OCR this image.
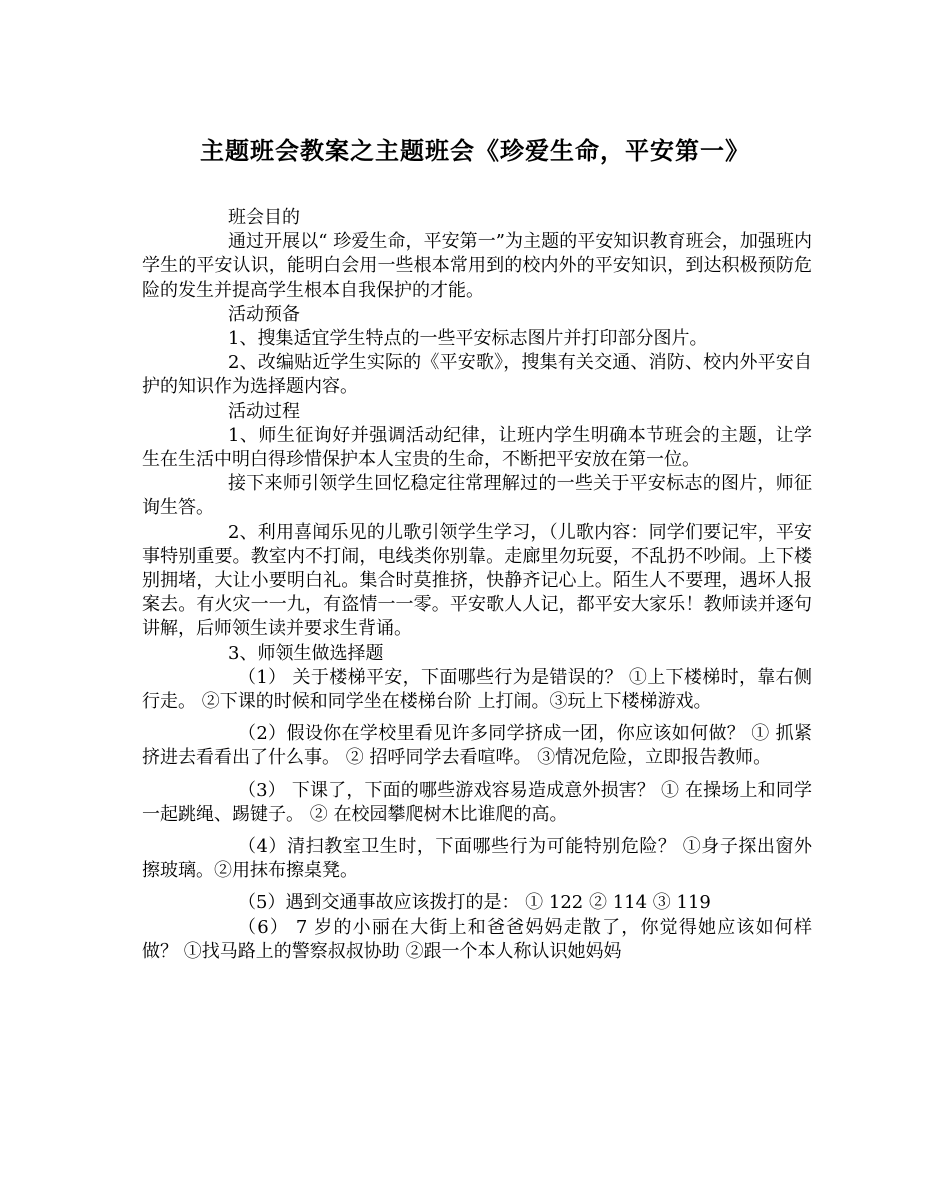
主题班会教案之主题班会《珍爱生命，平安第一》

班会目的

通过开展以“ 珍爱生命，平安第一”为主题的平安知识教育班会，加强班内学生的平安认识，能明白会用一些根本常用到的校内外的平安知识，到达积极预防危险的发生并提高学生根本自我保护的才能。

活动预备

1、搜集适宜学生特点的一些平安标志图片并打印部分图片。

2、改编贴近学生实际的《平安歌》，搜集有关交通、消防、校内外平安自护的知识作为选择题内容。

活动过程

1、师生征询好并强调活动纪律，让班内学生明确本节班会的主题，让学生在生活中明白得珍惜保护本人宝贵的生命，不断把平安放在第一位。

接下来师引领学生回忆稳定往常理解过的一些关于平安标志的图片，师征询生答。

2、利用喜闻乐见的儿歌引领学生学习，（儿歌内容：同学们要记牢，平安事特别重要。教室内不打闹，电线类你别靠。走廊里勿玩耍，不乱扔不吵闹。上下楼别拥堵，大让小要明白礼。集合时莫推挤，快静齐记心上。陌生人不要理，遇坏人报案去。有火灾一一九，有盗情一一零。平安歌人人记，都平安大家乐！教师读并逐句讲解，后师领生读并要求生背诵。

3、师领生做选择题

（1） 关于楼梯平安，下面哪些行为是错误的？ ①上下楼梯时，靠右侧行走。 ②下课的时候和同学坐在楼梯台阶 上打闹。③玩上下楼梯游戏。

（2）假设你在学校里看见许多同学挤成一团，你应该如何做？ ① 抓紧挤进去看看出了什么事。 ② 招呼同学去看喧哗。 ③情况危险，立即报告教师。

（3） 下课了，下面的哪些游戏容易造成意外损害？ ① 在操场上和同学一起跳绳、踢键子。 ② 在校园攀爬树木比谁爬的高。

（4）清扫教室卫生时，下面哪些行为可能特别危险？ ①身子探出窗外擦玻璃。②用抹布擦桌凳。

（5）遇到交通事故应该拨打的是： ① 122 ② 114 ③ 119

（6） 7 岁的小丽在大街上和爸爸妈妈走散了，你觉得她应该如何样做？ ①找马路上的警察叔叔协助 ②跟一个本人称认识她妈妈
